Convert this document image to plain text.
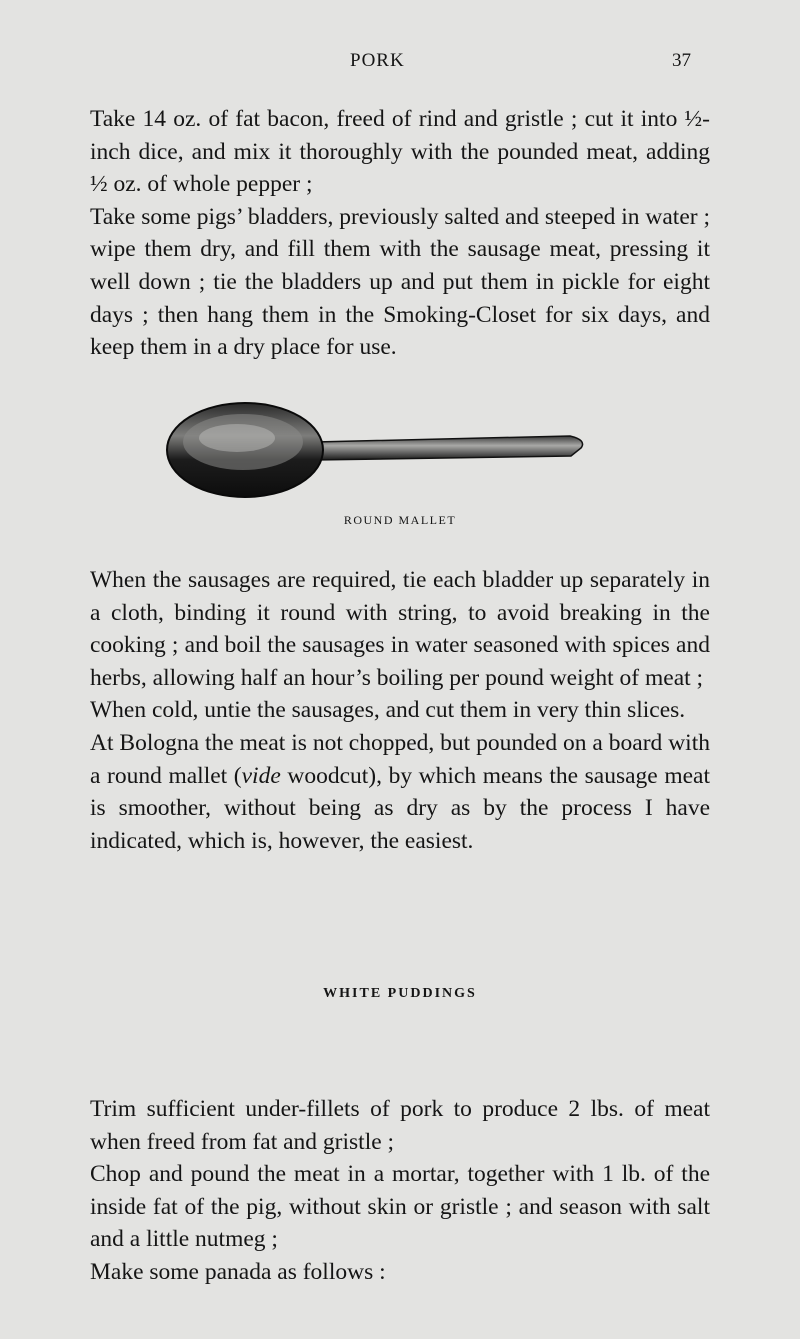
PORK	37

Take 14 oz. of fat bacon, freed of rind and gristle ; cut it into ½-inch dice, and mix it thoroughly with the pounded meat, adding ½ oz. of whole pepper ;

Take some pigs’ bladders, previously salted and steeped in water ; wipe them dry, and fill them with the sausage meat, pressing it well down ; tie the bladders up and put them in pickle for eight days ; then hang them in the Smoking-Closet for six days, and keep them in a dry place for use.

ROUND MALLET

When the sausages are required, tie each bladder up separately in a cloth, binding it round with string, to avoid breaking in the cooking ; and boil the sausages in water seasoned with spices and herbs, allowing half an hour’s boiling per pound weight of meat ;

When cold, untie the sausages, and cut them in very thin slices.

At Bologna the meat is not chopped, but pounded on a board with a round mallet (vide woodcut), by which means the sausage meat is smoother, without being as dry as by the process I have indicated, which is, however, the easiest.

WHITE PUDDINGS

Trim sufficient under-fillets of pork to produce 2 lbs. of meat when freed from fat and gristle ;

Chop and pound the meat in a mortar, together with 1 lb. of the inside fat of the pig, without skin or gristle ; and season with salt and a little nutmeg ;

Make some panada as follows :
